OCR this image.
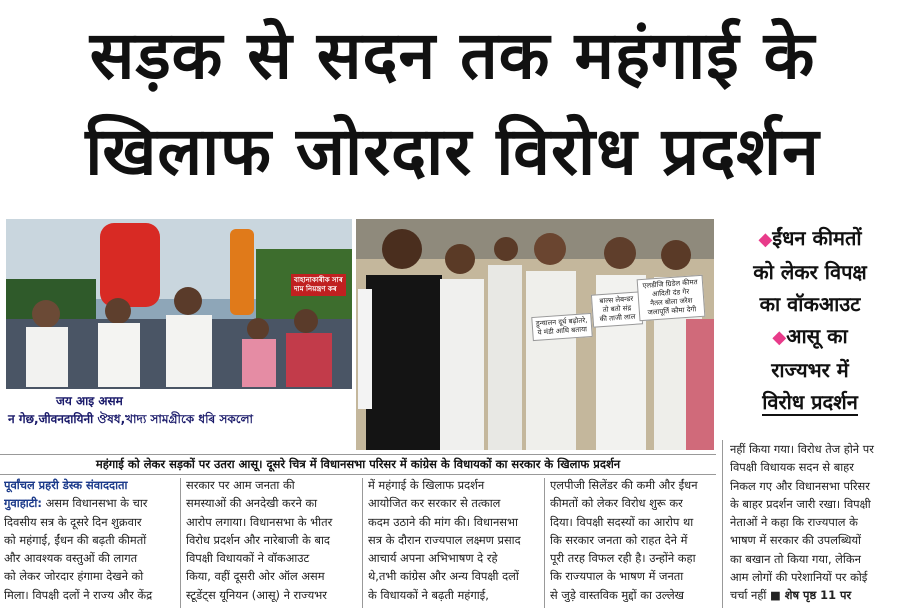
सड़क से सदन तक महंगाई के
खिलाफ जोरदार विरोध प्रदर्शन
বাহানাকাৰীক সাৰ
দাম নিয়ন্ত্ৰণ কৰ
जय आइ असम
न गेछ,जीवनदायिनी ঔষধ,খাদ্য সামগ্ৰীকে ধৰি সকলো
डुन्यालन दूर्ध बढ़ोतरे,
ये मंडी आधि बताया
बाल्स लेबन्डर
तो बतो संद्र
की ताजी लाल
एलडीजि ग्रिडेल कीमत
आदिती दंड गेर
नैतल बोला जरेश
जलापूर्ति कौमा देगी
◆ईंधन कीमतों
को लेकर विपक्ष
का वॉकआउट
◆आसू का
राज्यभर में
विरोध प्रदर्शन
महंगाई को लेकर सड़कों पर उतरा आसू। दूसरे चित्र में विधानसभा परिसर में कांग्रेस के विधायकों का सरकार के खिलाफ प्रदर्शन
पूर्वांचल प्रहरी डेस्क संवाददाता
गुवाहाटी: असम विधानसभा के चार
दिवसीय सत्र के दूसरे दिन शुक्रवार
को महंगाई, ईंधन की बढ़ती कीमतों
और आवश्यक वस्तुओं की लागत
को लेकर जोरदार हंगामा देखने को
मिला। विपक्षी दलों ने राज्य और केंद्र
सरकार पर आम जनता की
समस्याओं की अनदेखी करने का
आरोप लगाया। विधानसभा के भीतर
विरोध प्रदर्शन और नारेबाजी के बाद
विपक्षी विधायकों ने वॉकआउट
किया, वहीं दूसरी ओर ऑल असम
स्टूडेंट्स यूनियन (आसू) ने राज्यभर
में महंगाई के खिलाफ प्रदर्शन
आयोजित कर सरकार से तत्काल
कदम उठाने की मांग की। विधानसभा
सत्र के दौरान राज्यपाल लक्ष्मण प्रसाद
आचार्य अपना अभिभाषण दे रहे
थे,तभी कांग्रेस और अन्य विपक्षी दलों
के विधायकों ने बढ़ती महंगाई,
एलपीजी सिलेंडर की कमी और ईंधन
कीमतों को लेकर विरोध शुरू कर
दिया। विपक्षी सदस्यों का आरोप था
कि सरकार जनता को राहत देने में
पूरी तरह विफल रही है। उन्होंने कहा
कि राज्यपाल के भाषण में जनता
से जुड़े वास्तविक मुद्दों का उल्लेख
नहीं किया गया। विरोध तेज होने पर
विपक्षी विधायक सदन से बाहर
निकल गए और विधानसभा परिसर
के बाहर प्रदर्शन जारी रखा। विपक्षी
नेताओं ने कहा कि राज्यपाल के
भाषण में सरकार की उपलब्धियों
का बखान तो किया गया, लेकिन
आम लोगों की परेशानियों पर कोई
चर्चा नहीं ■ शेष पृष्ठ 11 पर
